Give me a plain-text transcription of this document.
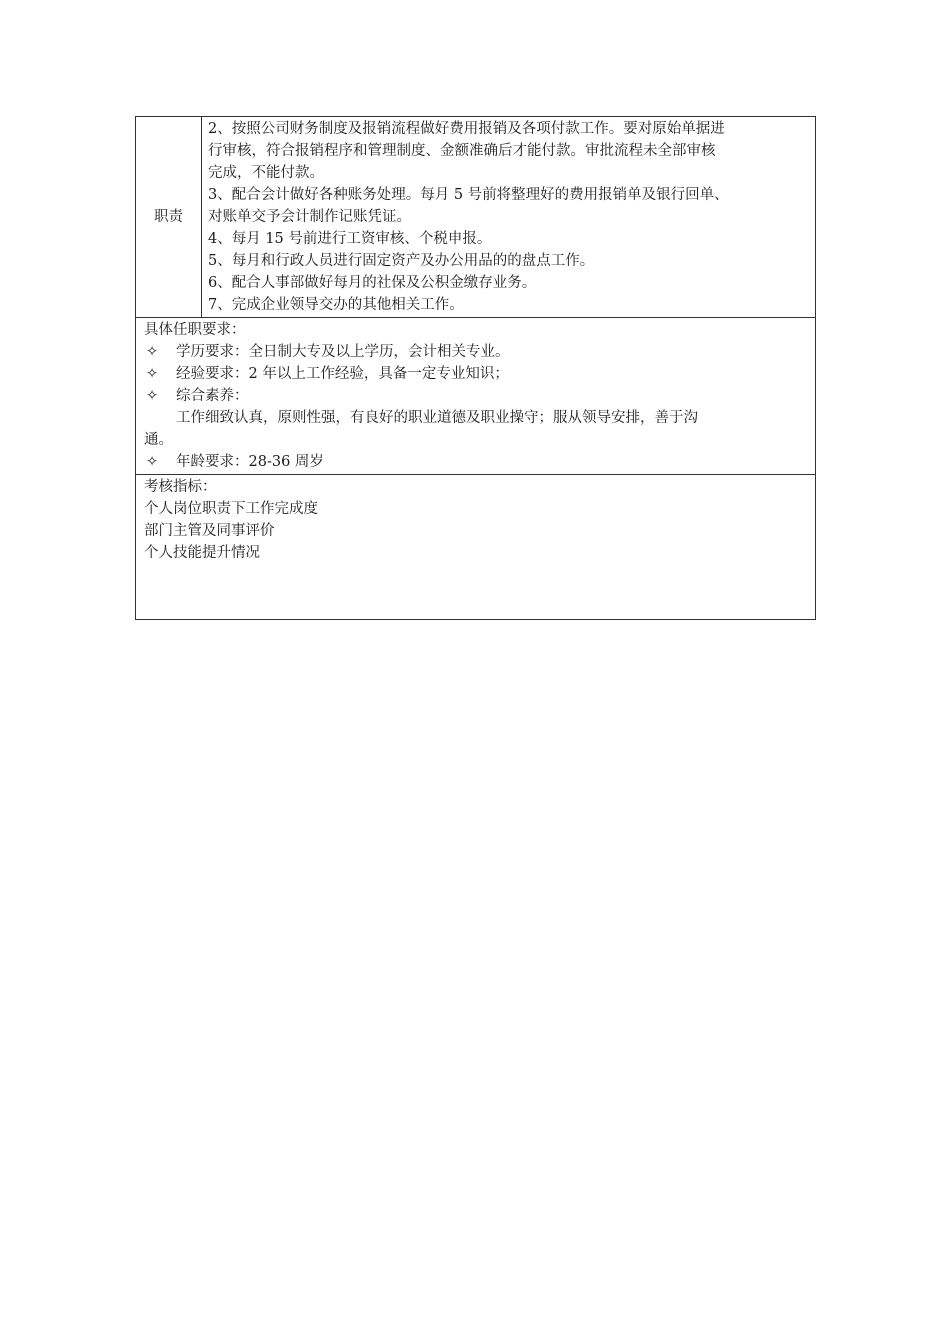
职责	
2、按照公司财务制度及报销流程做好费用报销及各项付款工作。要对原始单据进
行审核，符合报销程序和管理制度、金额准确后才能付款。审批流程未全部审核
完成，不能付款。
3、配合会计做好各种账务处理。每月 5 号前将整理好的费用报销单及银行回单、
对账单交予会计制作记账凭证。
4、每月 15 号前进行工资审核、个税申报。
5、每月和行政人员进行固定资产及办公用品的的盘点工作。
6、配合人事部做好每月的社保及公积金缴存业务。
7、完成企业领导交办的其他相关工作。

具体任职要求：
✧	学历要求：全日制大专及以上学历，会计相关专业。
✧	经验要求：2 年以上工作经验，具备一定专业知识；
✧	综合素养：
工作细致认真，原则性强，有良好的职业道德及职业操守；服从领导安排，善于沟
通。
✧	年龄要求：28-36 周岁

考核指标：
个人岗位职责下工作完成度
部门主管及同事评价
个人技能提升情况
